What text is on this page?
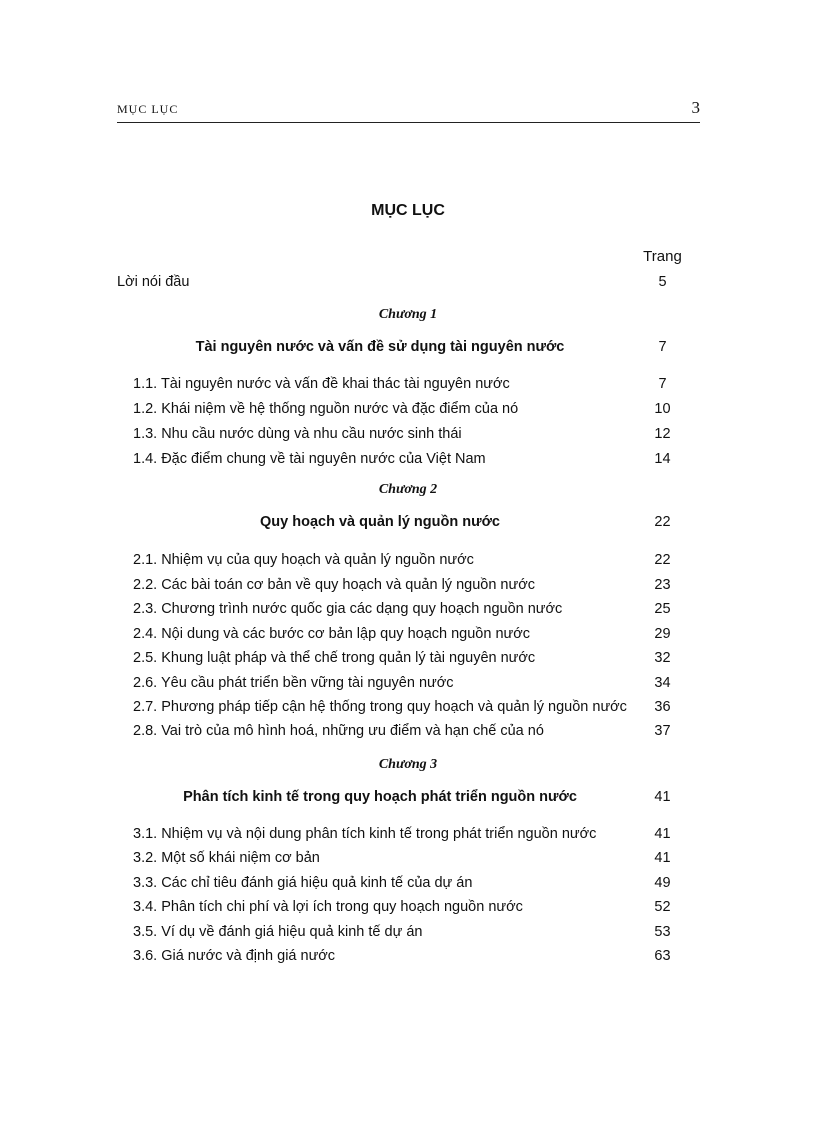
MỤC LỤC	3
MỤC LỤC
Trang
Lời nói đầu	5
Chương 1
Tài nguyên nước và vấn đề sử dụng tài nguyên nước	7
1.1. Tài nguyên nước và vấn đề khai thác tài nguyên nước	7
1.2. Khái niệm về hệ thống nguồn nước và đặc điểm của nó	10
1.3. Nhu cầu nước dùng và nhu cầu nước sinh thái	12
1.4. Đặc điểm chung về tài nguyên nước của Việt Nam	14
Chương 2
Quy hoạch và quản lý nguồn nước	22
2.1. Nhiệm vụ của quy hoạch và quản lý nguồn nước	22
2.2. Các bài toán cơ bản về quy hoạch và quản lý nguồn nước	23
2.3. Chương trình nước quốc gia các dạng quy hoạch nguồn nước	25
2.4. Nội dung và các bước cơ bản lập quy hoạch nguồn nước	29
2.5. Khung luật pháp và thể chế trong quản lý tài nguyên nước	32
2.6. Yêu cầu phát triển bền vững tài nguyên nước	34
2.7. Phương pháp tiếp cận hệ thống trong quy hoạch và quản lý nguồn nước	36
2.8. Vai trò của mô hình hoá, những ưu điểm và hạn chế của nó	37
Chương 3
Phân tích kinh tế trong quy hoạch phát triển nguồn nước	41
3.1. Nhiệm vụ và nội dung phân tích kinh tế trong phát triển nguồn nước	41
3.2. Một số khái niệm cơ bản	41
3.3. Các chỉ tiêu đánh giá hiệu quả kinh tế của dự án	49
3.4. Phân tích chi phí và lợi ích trong quy hoạch nguồn nước	52
3.5. Ví dụ về đánh giá hiệu quả kinh tế dự án	53
3.6. Giá nước và định giá nước	63
